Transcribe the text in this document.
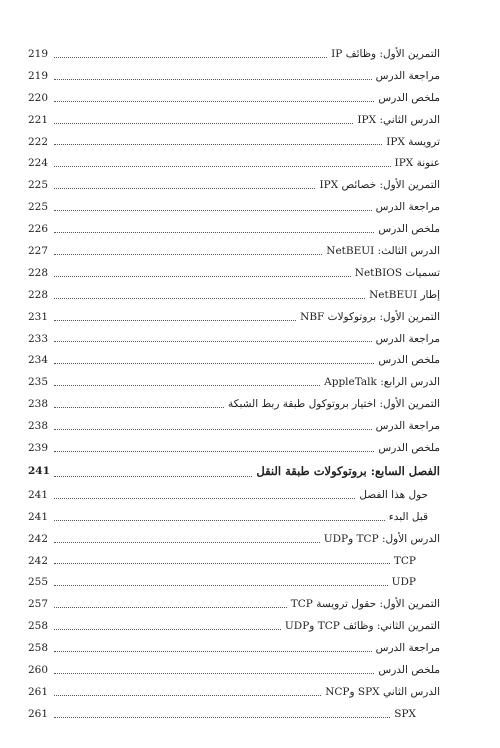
التمرين الأول: وظائف IP
219
مراجعة الدرس
219
ملخص الدرس
220
الدرس الثاني: IPX
221
ترويسة IPX
222
عنونة IPX
224
التمرين الأول: خصائص IPX
225
مراجعة الدرس
225
ملخص الدرس
226
الدرس الثالث: NetBEUI
227
تسميات NetBIOS
228
إطار NetBEUI
228
التمرين الأول: بروتوكولات NBF
231
مراجعة الدرس
233
ملخص الدرس
234
الدرس الرابع: AppleTalk
235
التمرين الأول: اختيار بروتوكول طبقة ربط الشبكة
238
مراجعة الدرس
238
ملخص الدرس
239
الفصل السابع: بروتوكولات طبقة النقل
241
حول هذا الفصل
241
قبل البدء
241
الدرس الأول: TCP وUDP
242
TCP
242
UDP
255
التمرين الأول: حقول ترويسة TCP
257
التمرين الثاني: وظائف TCP وUDP
258
مراجعة الدرس
258
ملخص الدرس
260
الدرس الثاني SPX وNCP
261
SPX
261
